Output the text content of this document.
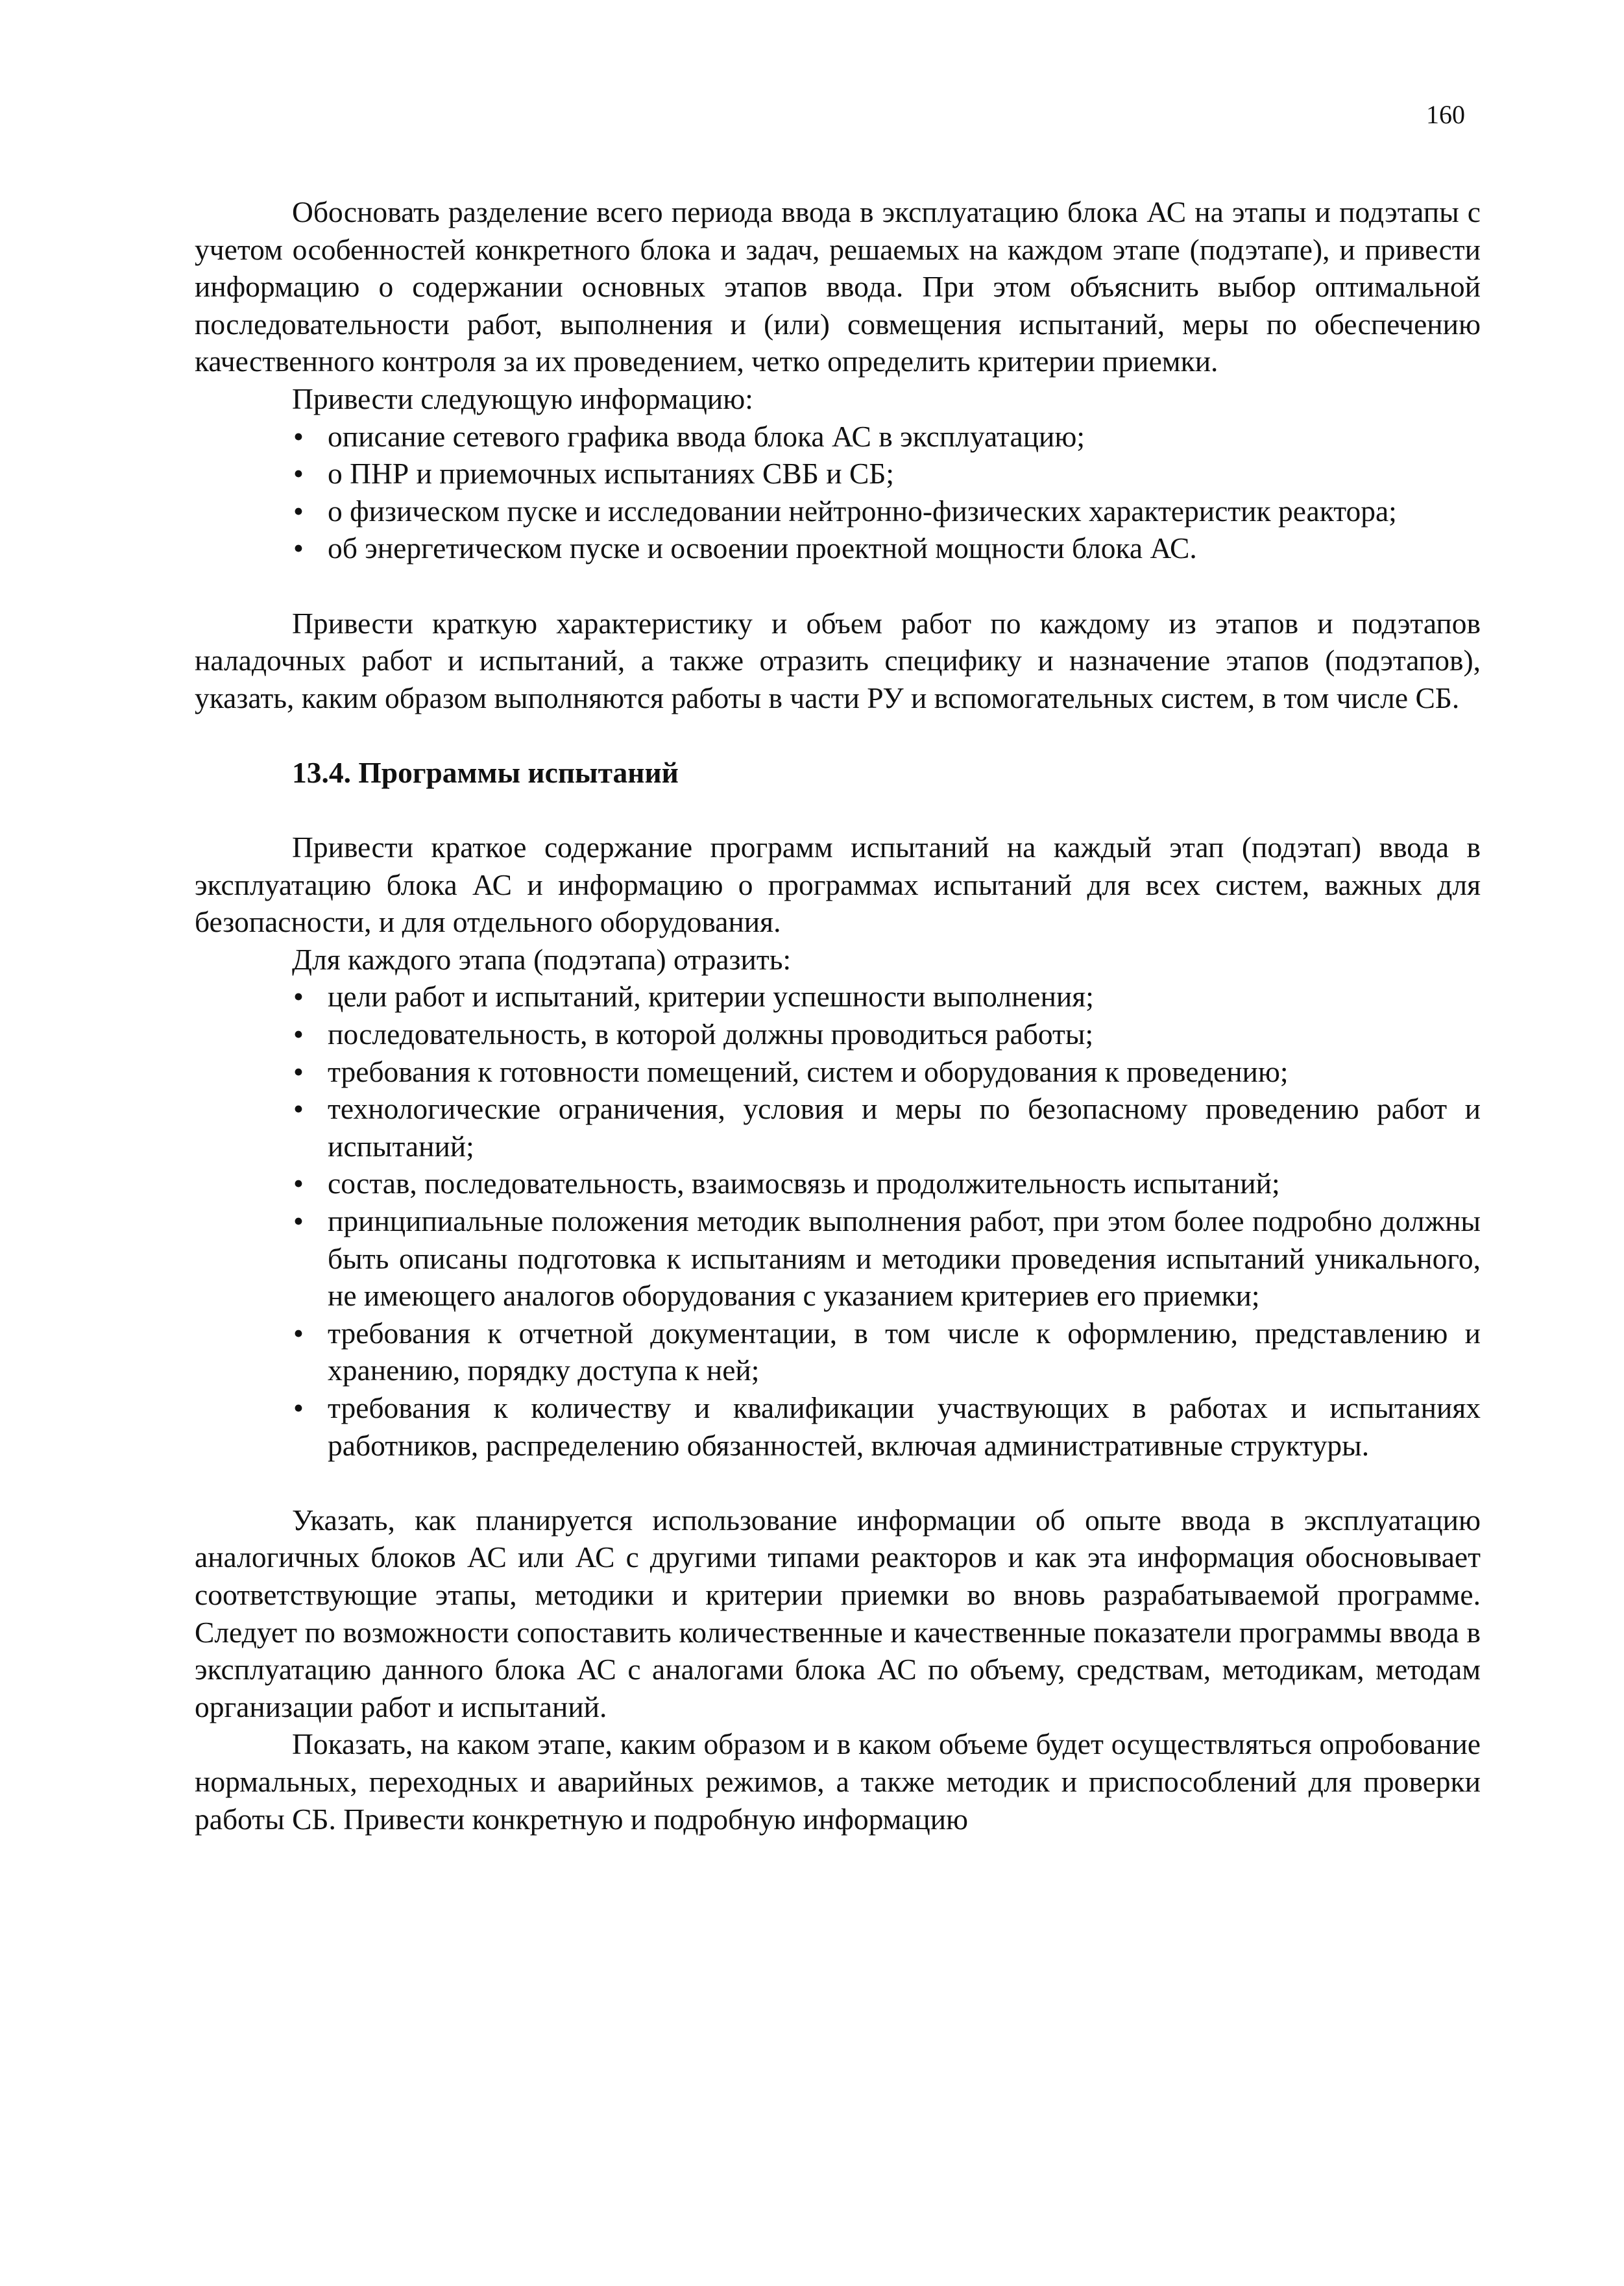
160

Обосновать разделение всего периода ввода в эксплуатацию блока АС на этапы и подэтапы с учетом особенностей конкретного блока и задач, решаемых на каждом этапе (подэтапе), и привести информацию о содержании основных этапов ввода. При этом объяснить выбор оптимальной последовательности работ, выполнения и (или) совмещения испытаний, меры по обеспечению качественного контроля за их проведением, четко определить критерии приемки.

Привести следующую информацию:

• описание сетевого графика ввода блока АС в эксплуатацию;
• о ПНР и приемочных испытаниях СВБ и СБ;
• о физическом пуске и исследовании нейтронно-физических характеристик реактора;
• об энергетическом пуске и освоении проектной мощности блока АС.

Привести краткую характеристику и объем работ по каждому из этапов и подэтапов наладочных работ и испытаний, а также отразить специфику и назначение этапов (подэтапов), указать, каким образом выполняются работы в части РУ и вспомогательных систем, в том числе СБ.

13.4. Программы испытаний

Привести краткое содержание программ испытаний на каждый этап (подэтап) ввода в эксплуатацию блока АС и информацию о программах испытаний для всех систем, важных для безопасности, и для отдельного оборудования.

Для каждого этапа (подэтапа) отразить:

• цели работ и испытаний, критерии успешности выполнения;
• последовательность, в которой должны проводиться работы;
• требования к готовности помещений, систем и оборудования к проведению;
• технологические ограничения, условия и меры по безопасному проведению работ и испытаний;
• состав, последовательность, взаимосвязь и продолжительность испытаний;
• принципиальные положения методик выполнения работ, при этом более подробно должны быть описаны подготовка к испытаниям и методики проведения испытаний уникального, не имеющего аналогов оборудования с указанием критериев его приемки;
• требования к отчетной документации, в том числе к оформлению, представлению и хранению, порядку доступа к ней;
• требования к количеству и квалификации участвующих в работах и испытаниях работников, распределению обязанностей, включая административные структуры.

Указать, как планируется использование информации об опыте ввода в эксплуатацию аналогичных блоков АС или АС с другими типами реакторов и как эта информация обосновывает соответствующие этапы, методики и критерии приемки во вновь разрабатываемой программе. Следует по возможности сопоставить количественные и качественные показатели программы ввода в эксплуатацию данного блока АС с аналогами блока АС по объему, средствам, методикам, методам организации работ и испытаний.

Показать, на каком этапе, каким образом и в каком объеме будет осуществляться опробование нормальных, переходных и аварийных режимов, а также методик и приспособлений для проверки работы СБ. Привести конкретную и подробную информацию
